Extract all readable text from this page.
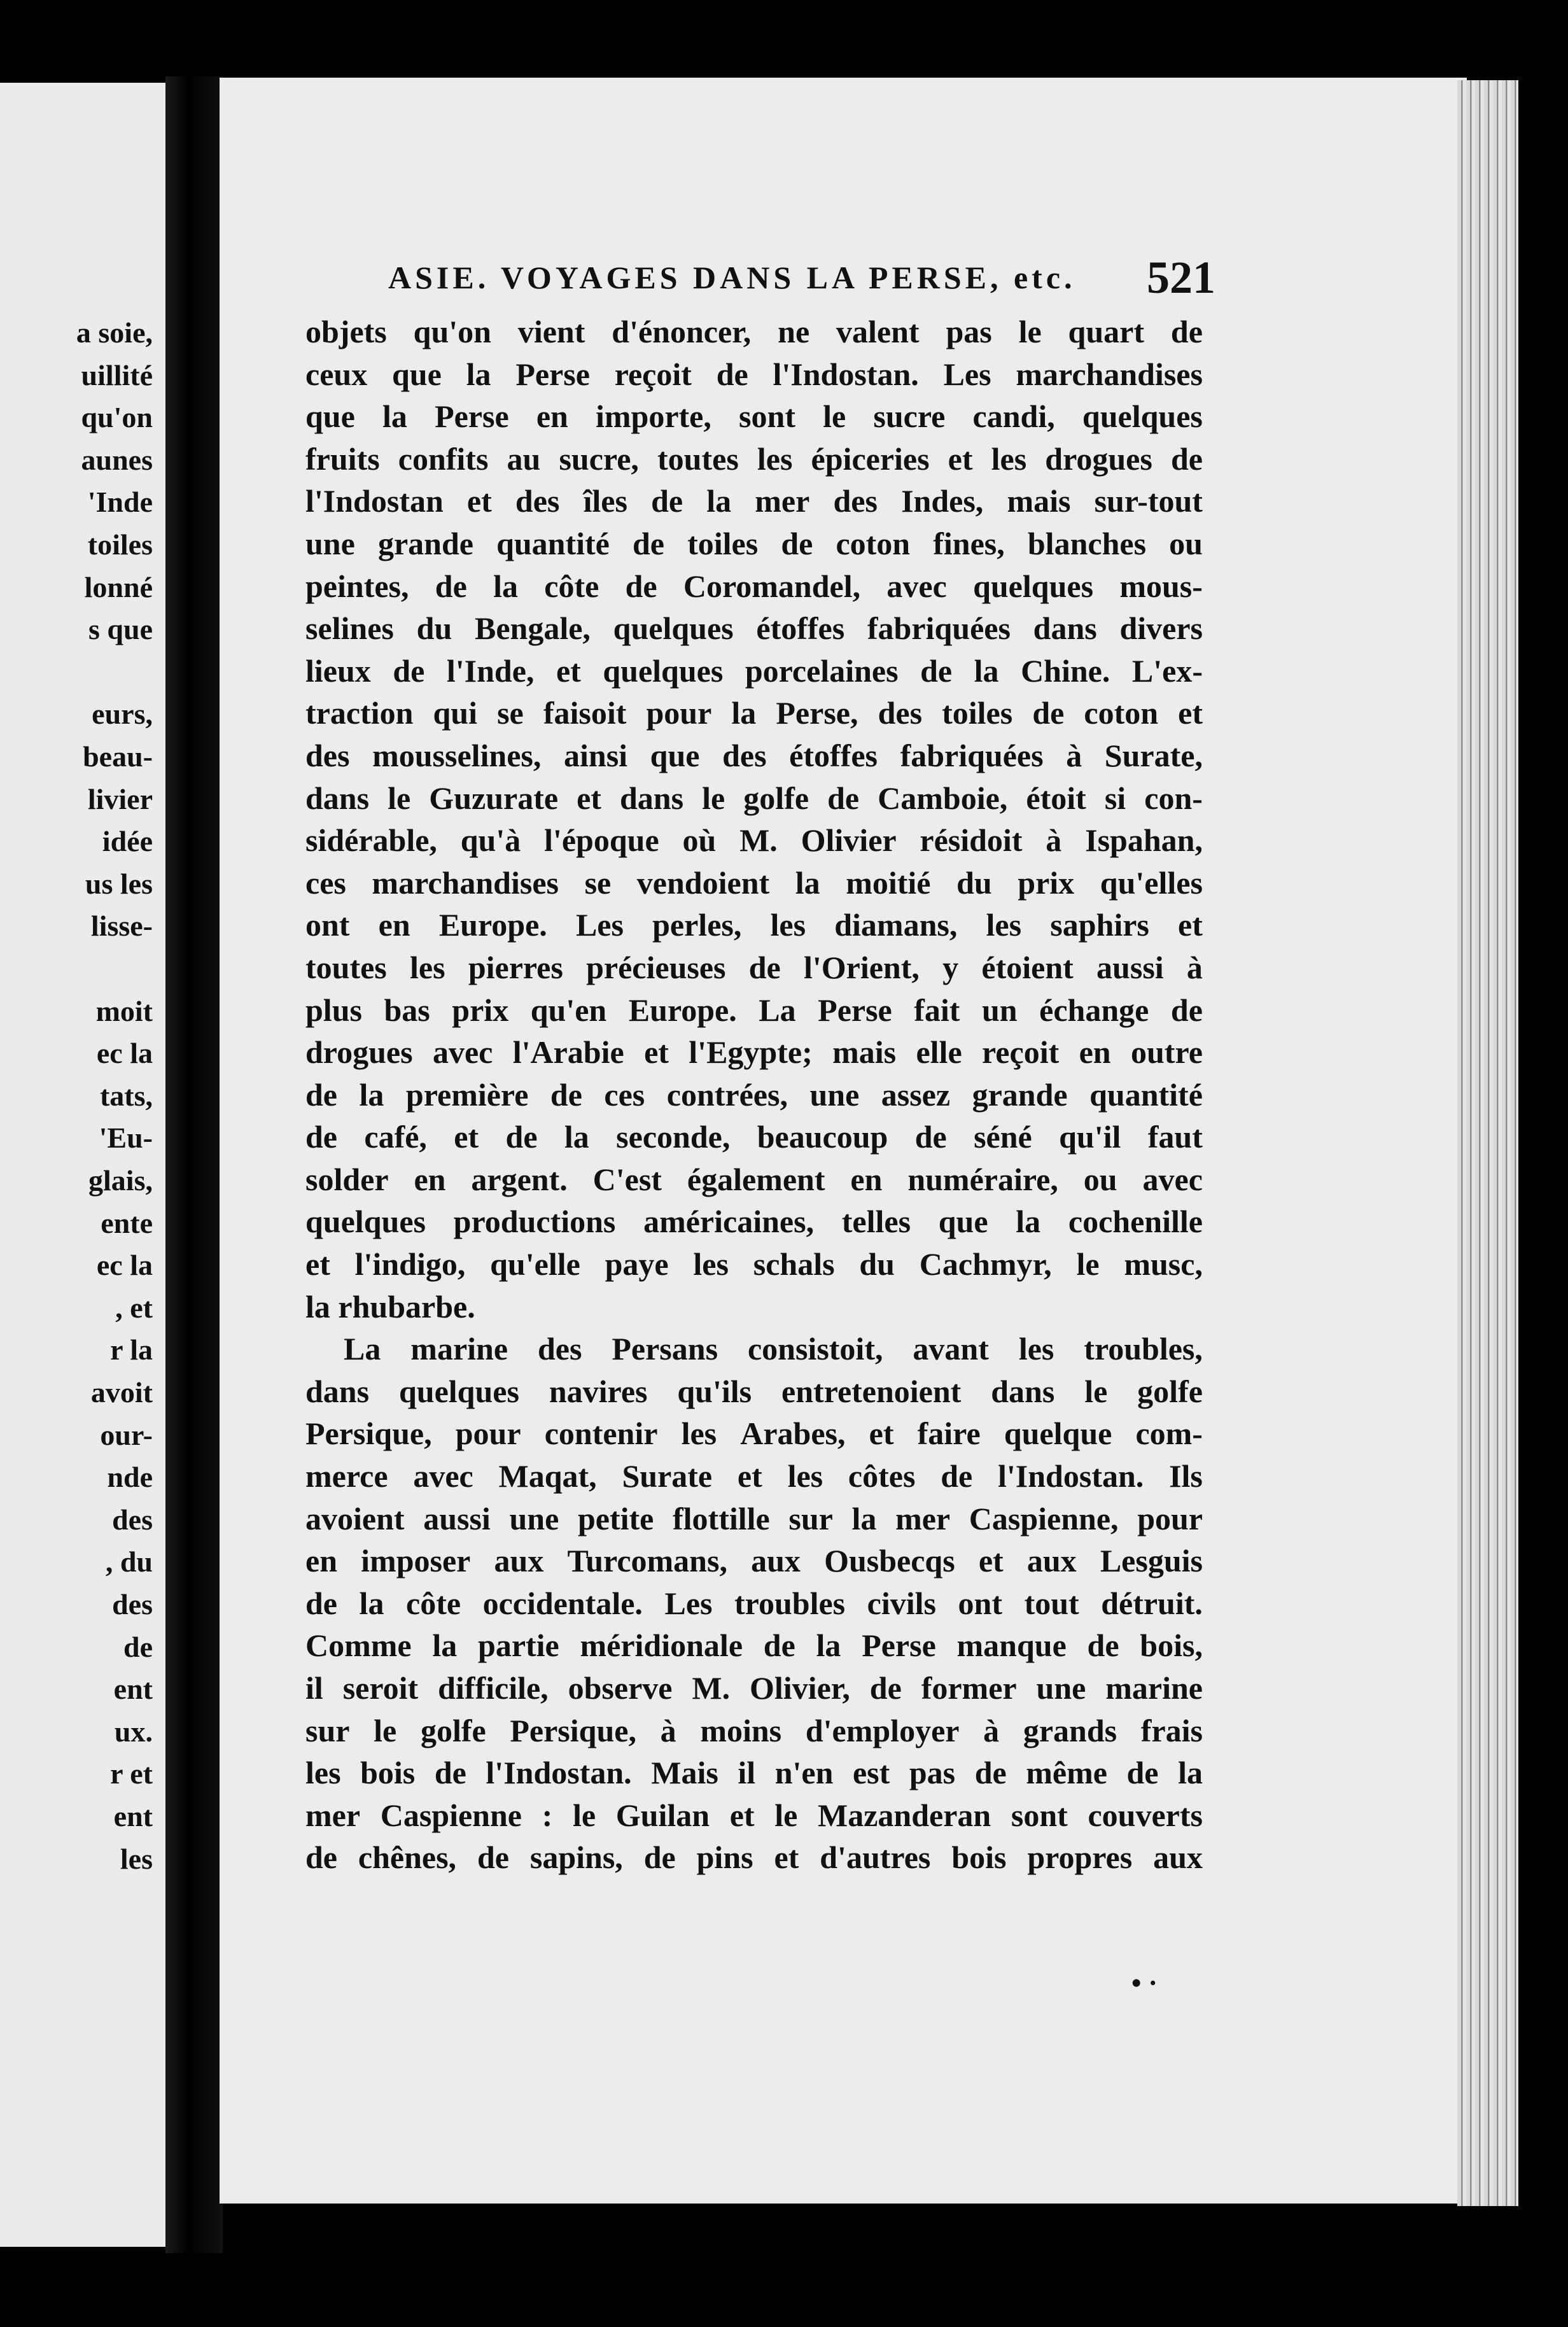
a soie,
uillité
qu'on
aunes
'Inde
toiles
lonné
s que
eurs,
beau-
livier
idée
us les
lisse-
moit
ec la
tats,
'Eu-
glais,
ente
ec la
, et
r la
avoit
our-
nde
des
, du
des
de
ent
ux.
r et
ent
les
ASIE. VOYAGES DANS LA PERSE, etc. 521
objets qu'on vient d'énoncer, ne valent pas le quart de
ceux que la Perse reçoit de l'Indostan. Les marchandises
que la Perse en importe, sont le sucre candi, quelques
fruits confits au sucre, toutes les épiceries et les drogues de
l'Indostan et des îles de la mer des Indes, mais sur-tout
une grande quantité de toiles de coton fines, blanches ou
peintes, de la côte de Coromandel, avec quelques mous-
selines du Bengale, quelques étoffes fabriquées dans divers
lieux de l'Inde, et quelques porcelaines de la Chine. L'ex-
traction qui se faisoit pour la Perse, des toiles de coton et
des mousselines, ainsi que des étoffes fabriquées à Surate,
dans le Guzurate et dans le golfe de Camboie, étoit si con-
sidérable, qu'à l'époque où M. Olivier résidoit à Ispahan,
ces marchandises se vendoient la moitié du prix qu'elles
ont en Europe. Les perles, les diamans, les saphirs et
toutes les pierres précieuses de l'Orient, y étoient aussi à
plus bas prix qu'en Europe. La Perse fait un échange de
drogues avec l'Arabie et l'Egypte; mais elle reçoit en outre
de la première de ces contrées, une assez grande quantité
de café, et de la seconde, beaucoup de séné qu'il faut
solder en argent. C'est également en numéraire, ou avec
quelques productions américaines, telles que la cochenille
et l'indigo, qu'elle paye les schals du Cachmyr, le musc,
la rhubarbe.
La marine des Persans consistoit, avant les troubles,
dans quelques navires qu'ils entretenoient dans le golfe
Persique, pour contenir les Arabes, et faire quelque com-
merce avec Maqat, Surate et les côtes de l'Indostan. Ils
avoient aussi une petite flottille sur la mer Caspienne, pour
en imposer aux Turcomans, aux Ousbecqs et aux Lesguis
de la côte occidentale. Les troubles civils ont tout détruit.
Comme la partie méridionale de la Perse manque de bois,
il seroit difficile, observe M. Olivier, de former une marine
sur le golfe Persique, à moins d'employer à grands frais
les bois de l'Indostan. Mais il n'en est pas de même de la
mer Caspienne : le Guilan et le Mazanderan sont couverts
de chênes, de sapins, de pins et d'autres bois propres aux
• ·
